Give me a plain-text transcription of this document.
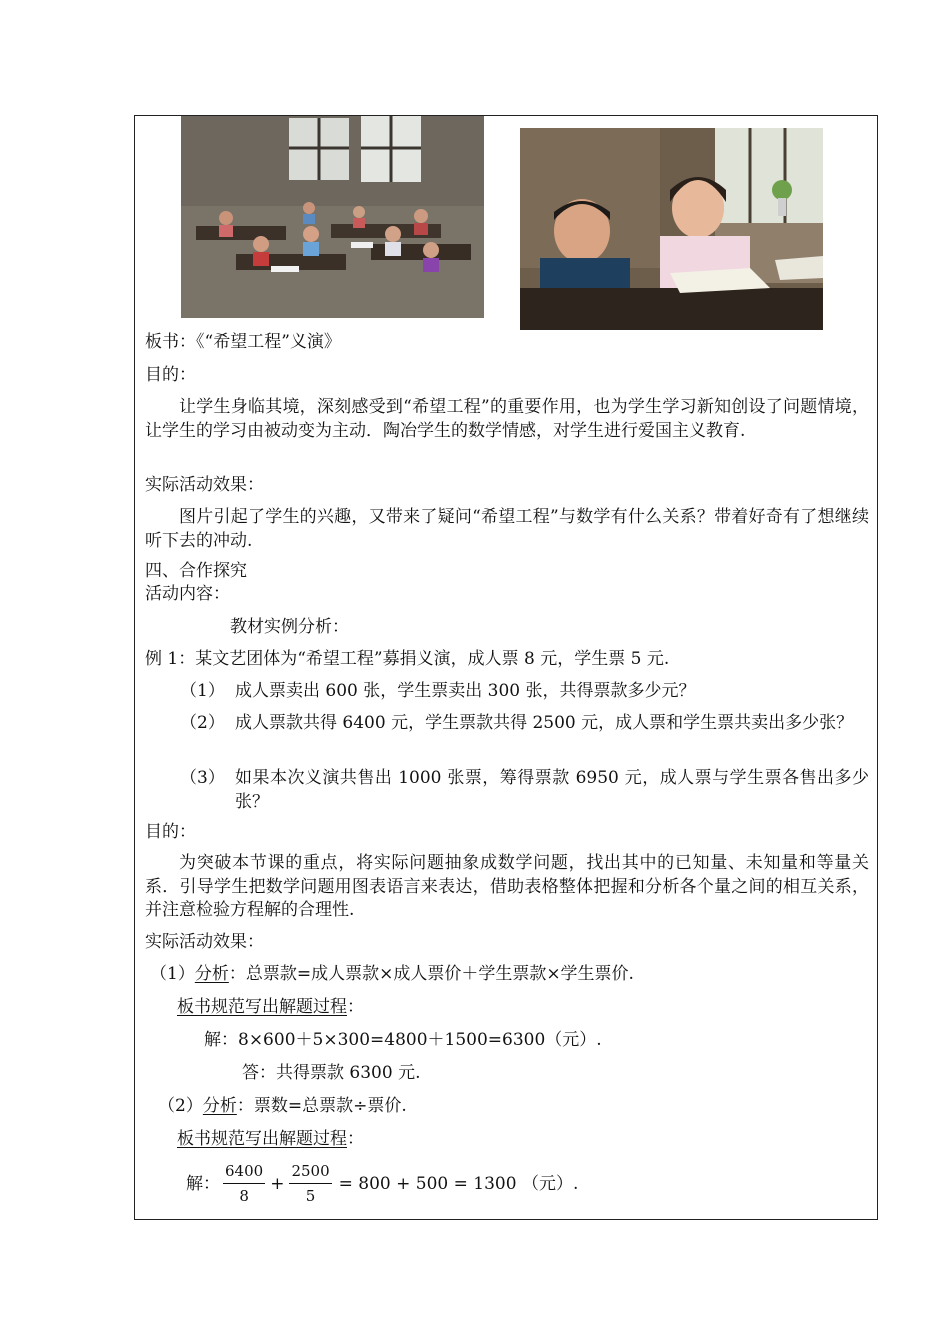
板书：《“希望工程”义演》
目的：
让学生身临其境，深刻感受到“希望工程”的重要作用，也为学生学习新知创设了问题情境，让学生的学习由被动变为主动．陶冶学生的数学情感，对学生进行爱国主义教育.
实际活动效果：
图片引起了学生的兴趣，又带来了疑问“希望工程”与数学有什么关系？带着好奇有了想继续听下去的冲动.
四、合作探究
活动内容：
教材实例分析：
例 1：某文艺团体为“希望工程”募捐义演，成人票 8 元，学生票 5 元.
（1） 成人票卖出 600 张，学生票卖出 300 张，共得票款多少元？
（2） 成人票款共得 6400 元，学生票款共得 2500 元，成人票和学生票共卖出多少张？
（3） 如果本次义演共售出 1000 张票，筹得票款 6950 元，成人票与学生票各售出多少张？
目的：
为突破本节课的重点，将实际问题抽象成数学问题，找出其中的已知量、未知量和等量关系．引导学生把数学问题用图表语言来表达，借助表格整体把握和分析各个量之间的相互关系，并注意检验方程解的合理性.
实际活动效果：
（1）分析：总票款=成人票款×成人票价＋学生票款×学生票价.
板书规范写出解题过程：
解：8×600＋5×300=4800＋1500=6300（元）.
答：共得票款 6300 元.
（2）分析：票数=总票款÷票价.
板书规范写出解题过程：
解： $\frac{6400}{8} + \frac{2500}{5} = 800 + 500 = 1300$ （元）.
